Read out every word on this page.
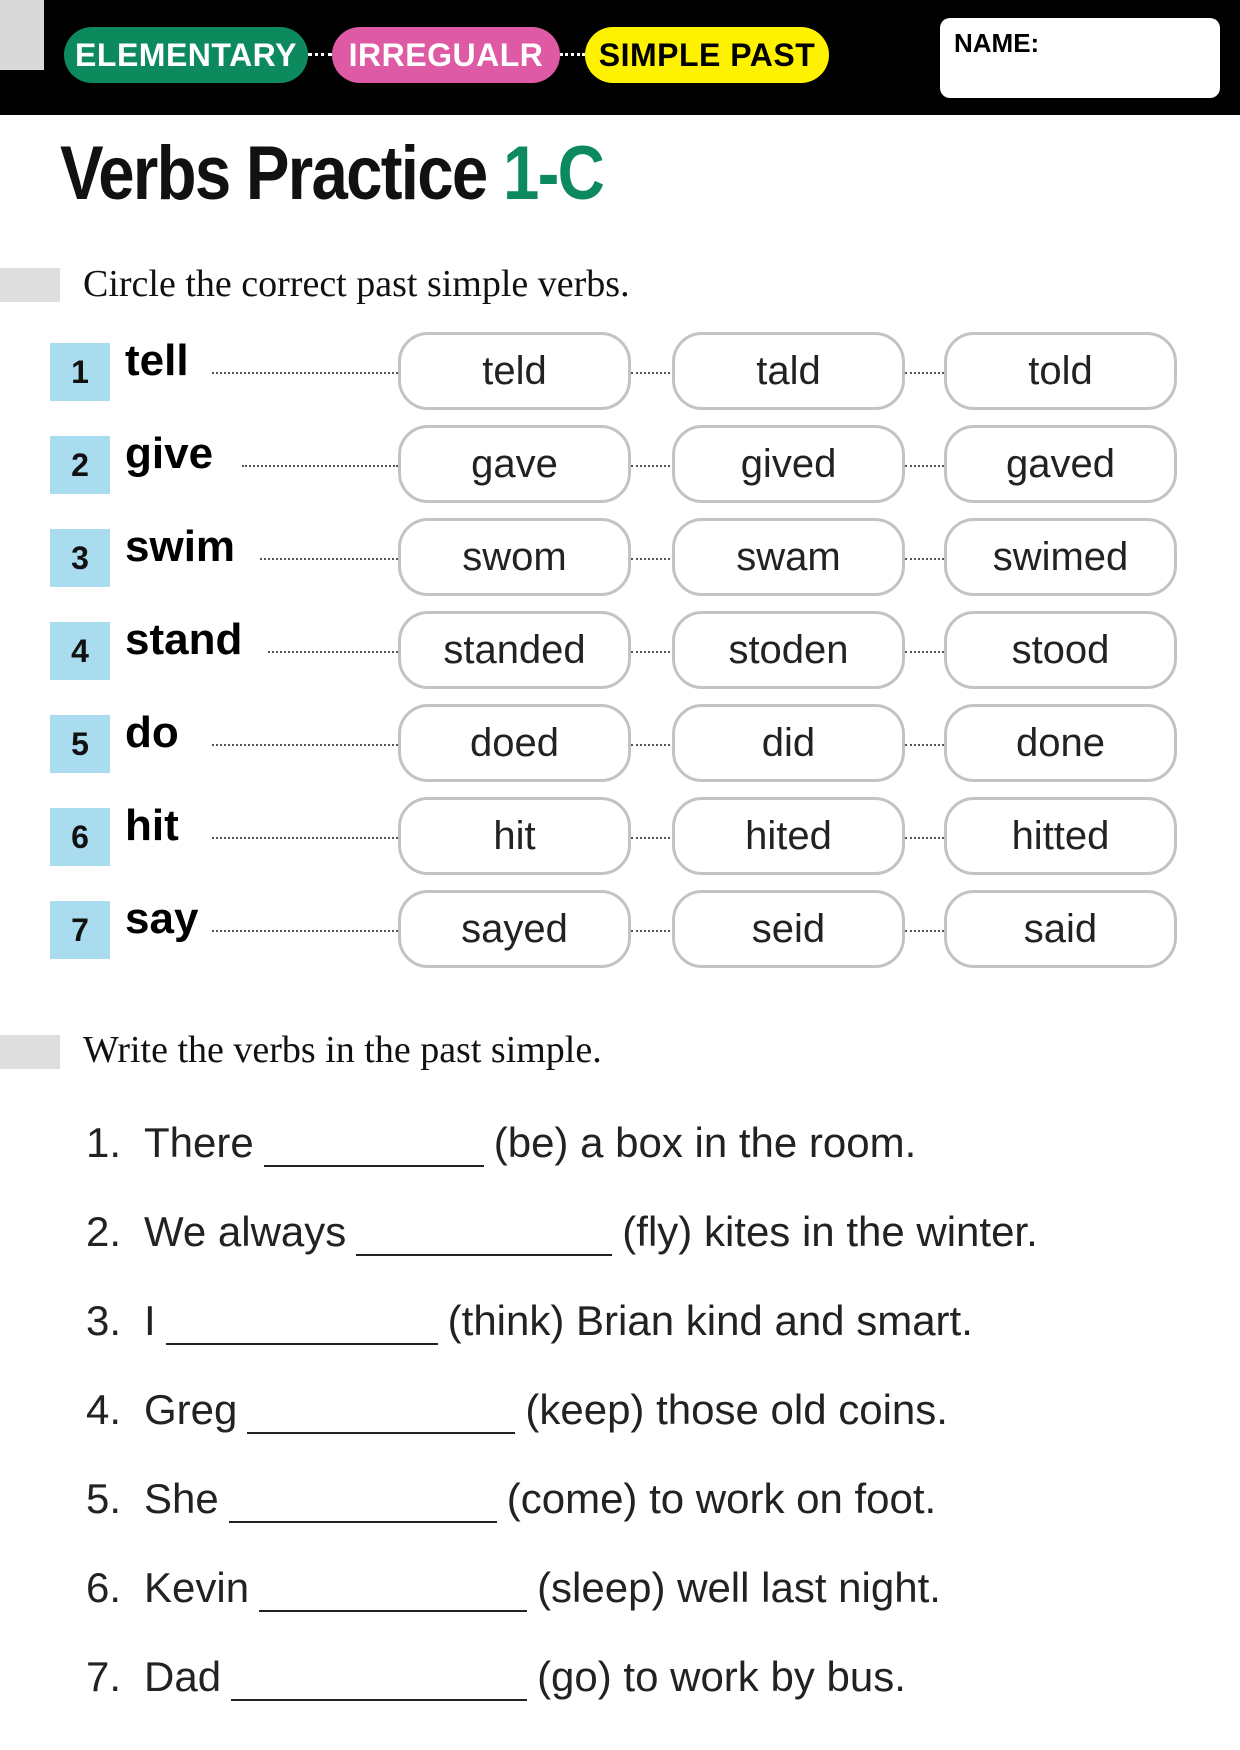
ELEMENTARY	IRREGUALR	SIMPLE PAST	NAME:
Verbs Practice 1-C
Circle the correct past simple verbs.
1 tell	teld	tald	told
2 give	gave	gived	gaved
3 swim	swom	swam	swimed
4 stand	standed	stoden	stood
5 do	doed	did	done
6 hit	hit	hited	hitted
7 say	sayed	seid	said
Write the verbs in the past simple.
1. There	(be) a box in the room.
2. We always	(fly) kites in the winter.
3. I	(think) Brian kind and smart.
4. Greg	(keep) those old coins.
5. She	(come) to work on foot.
6. Kevin	(sleep) well last night.
7. Dad	(go) to work by bus.
